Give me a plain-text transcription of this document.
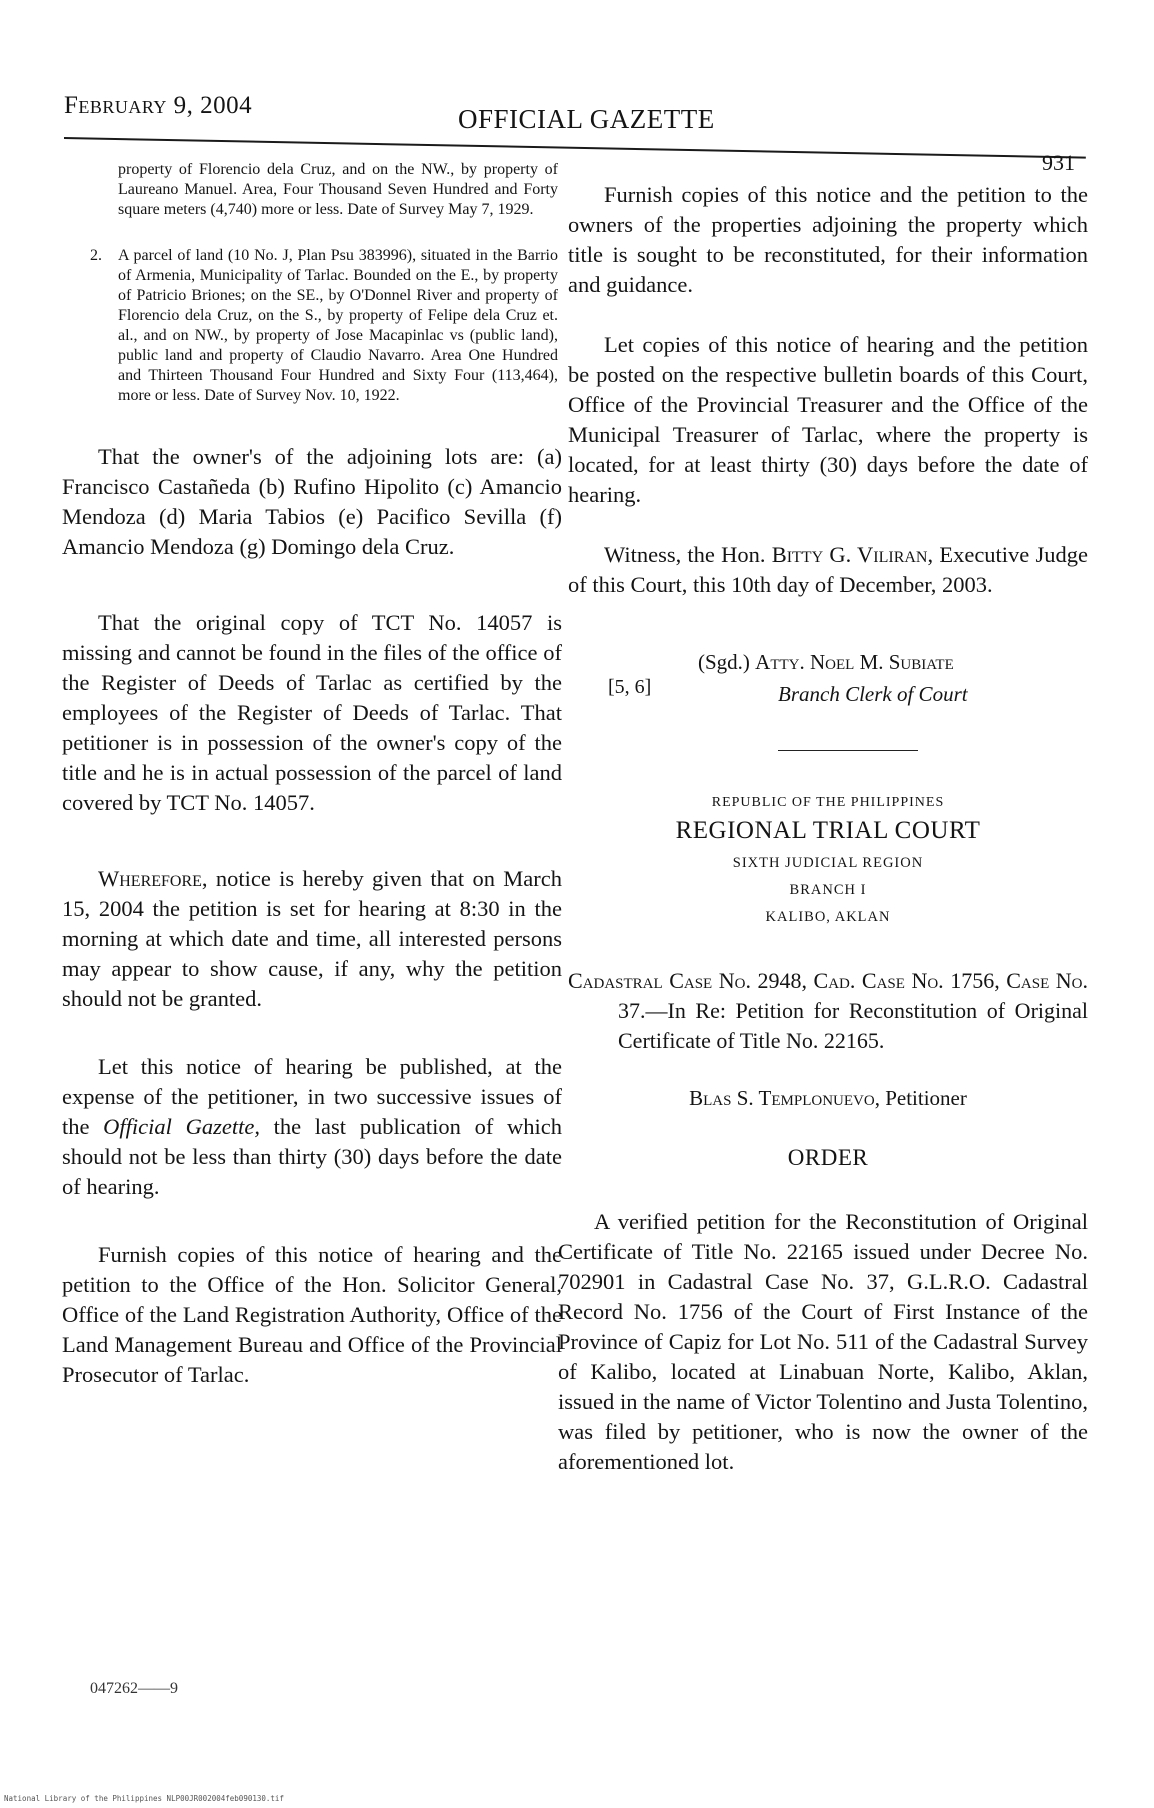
February 9, 2004	OFFICIAL GAZETTE
931

property of Florencio dela Cruz, and on the NW., by property of Laureano Manuel. Area, Four Thousand Seven Hundred and Forty square meters (4,740) more or less. Date of Survey May 7, 1929.

2. A parcel of land (10 No. J, Plan Psu 383996), situated in the Barrio of Armenia, Municipality of Tarlac. Bounded on the E., by property of Patricio Briones; on the SE., by O'Donnel River and property of Florencio dela Cruz, on the S., by property of Felipe dela Cruz et. al., and on NW., by property of Jose Macapinlac vs (public land), public land and property of Claudio Navarro. Area One Hundred and Thirteen Thousand Four Hundred and Sixty Four (113,464), more or less. Date of Survey Nov. 10, 1922.

That the owner's of the adjoining lots are: (a) Francisco Castañeda (b) Rufino Hipolito (c) Amancio Mendoza (d) Maria Tabios (e) Pacifico Sevilla (f) Amancio Mendoza (g) Domingo dela Cruz.

That the original copy of TCT No. 14057 is missing and cannot be found in the files of the office of the Register of Deeds of Tarlac as certified by the employees of the Register of Deeds of Tarlac. That petitioner is in possession of the owner's copy of the title and he is in actual possession of the parcel of land covered by TCT No. 14057.

Wherefore, notice is hereby given that on March 15, 2004 the petition is set for hearing at 8:30 in the morning at which date and time, all interested persons may appear to show cause, if any, why the petition should not be granted.

Let this notice of hearing be published, at the expense of the petitioner, in two successive issues of the Official Gazette, the last publication of which should not be less than thirty (30) days before the date of hearing.

Furnish copies of this notice of hearing and the petition to the Office of the Hon. Solicitor General, Office of the Land Registration Authority, Office of the Land Management Bureau and Office of the Provincial Prosecutor of Tarlac.

047262——9

Furnish copies of this notice and the petition to the owners of the properties adjoining the property which title is sought to be reconstituted, for their information and guidance.

Let copies of this notice of hearing and the petition be posted on the respective bulletin boards of this Court, Office of the Provincial Treasurer and the Office of the Municipal Treasurer of Tarlac, where the property is located, for at least thirty (30) days before the date of hearing.

Witness, the Hon. Bitty G. Viliran, Executive Judge of this Court, this 10th day of December, 2003.

[5, 6]
(Sgd.) Atty. Noel M. Subiate
Branch Clerk of Court
REPUBLIC OF THE PHILIPPINES
REGIONAL TRIAL COURT
SIXTH JUDICIAL REGION
BRANCH I
KALIBO, AKLAN

Cadastral Case No. 2948, Cad. Case No. 1756, Case No. 37.—In Re: Petition for Reconstitution of Original Certificate of Title No. 22165.

Blas S. Templonuevo, Petitioner
ORDER

A verified petition for the Reconstitution of Original Certificate of Title No. 22165 issued under Decree No. 702901 in Cadastral Case No. 37, G.L.R.O. Cadastral Record No. 1756 of the Court of First Instance of the Province of Capiz for Lot No. 511 of the Cadastral Survey of Kalibo, located at Linabuan Norte, Kalibo, Aklan, issued in the name of Victor Tolentino and Justa Tolentino, was filed by petitioner, who is now the owner of the aforementioned lot.

National Library of the Philippines NLP00JR002004feb090130.tif
